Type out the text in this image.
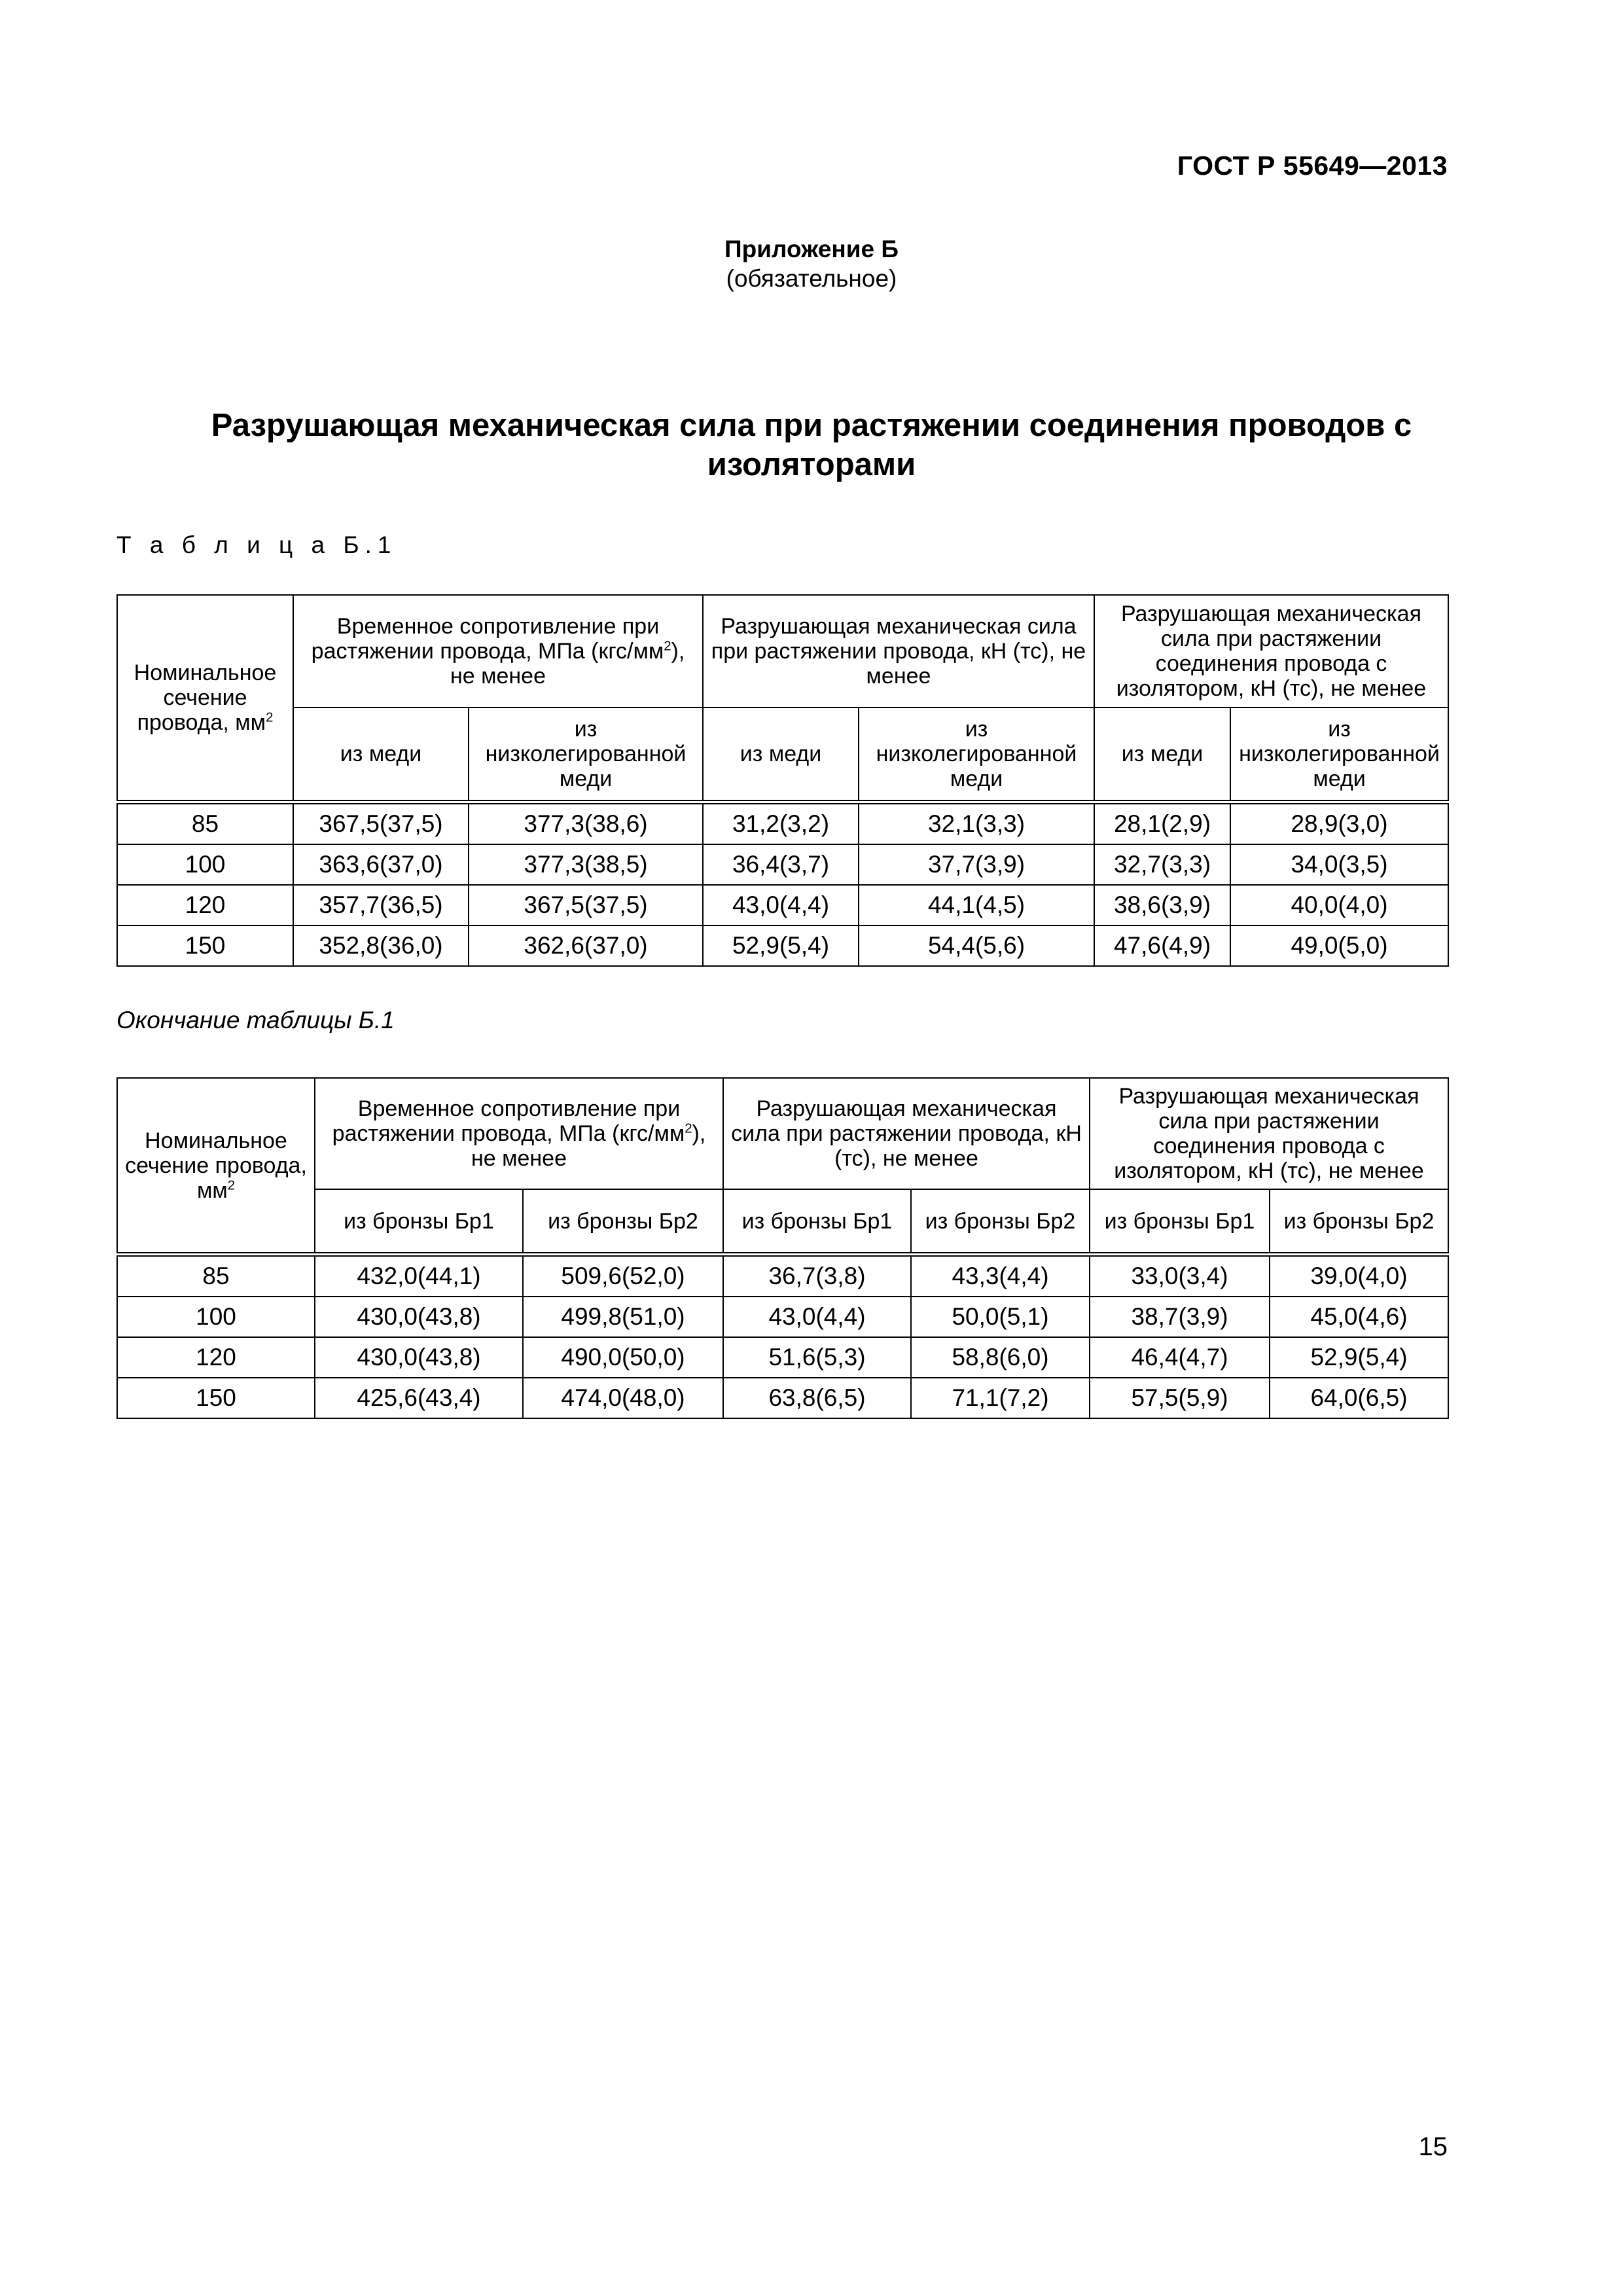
ГОСТ Р 55649—2013
Приложение Б
(обязательное)
Разрушающая механическая сила при растяжении соединения проводов с изоляторами
Т а б л и ц а Б.1
Номинальное сечение провода, $мм^2$	Временное сопротивление при растяжении провода, МПа $(кгс/мм^2)$, не менее		Разрушающая механическая сила при растяжении провода, кН (тс), не менее		Разрушающая механическая сила при растяжении соединения провода с изолятором, кН (тс), не менее	
	из меди	из низколегированной меди	из меди	из низколегированной меди	из меди	из низколегированной меди
85	367,5(37,5)	377,3(38,6)	31,2(3,2)	32,1(3,3)	28,1(2,9)	28,9(3,0)
100	363,6(37,0)	377,3(38,5)	36,4(3,7)	37,7(3,9)	32,7(3,3)	34,0(3,5)
120	357,7(36,5)	367,5(37,5)	43,0(4,4)	44,1(4,5)	38,6(3,9)	40,0(4,0)
150	352,8(36,0)	362,6(37,0)	52,9(5,4)	54,4(5,6)	47,6(4,9)	49,0(5,0)
Окончание таблицы Б.1
Номинальное сечение провода, $мм^2$	Временное сопротивление при растяжении провода, МПа $(кгс/мм^2)$, не менее		Разрушающая механическая сила при растяжении провода, кН (тс), не менее		Разрушающая механическая сила при растяжении соединения провода с изолятором, кН (тс), не менее	
	из бронзы Бр1	из бронзы Бр2	из бронзы Бр1	из бронзы Бр2	из бронзы Бр1	из бронзы Бр2
85	432,0(44,1)	509,6(52,0)	36,7(3,8)	43,3(4,4)	33,0(3,4)	39,0(4,0)
100	430,0(43,8)	499,8(51,0)	43,0(4,4)	50,0(5,1)	38,7(3,9)	45,0(4,6)
120	430,0(43,8)	490,0(50,0)	51,6(5,3)	58,8(6,0)	46,4(4,7)	52,9(5,4)
150	425,6(43,4)	474,0(48,0)	63,8(6,5)	71,1(7,2)	57,5(5,9)	64,0(6,5)
15
